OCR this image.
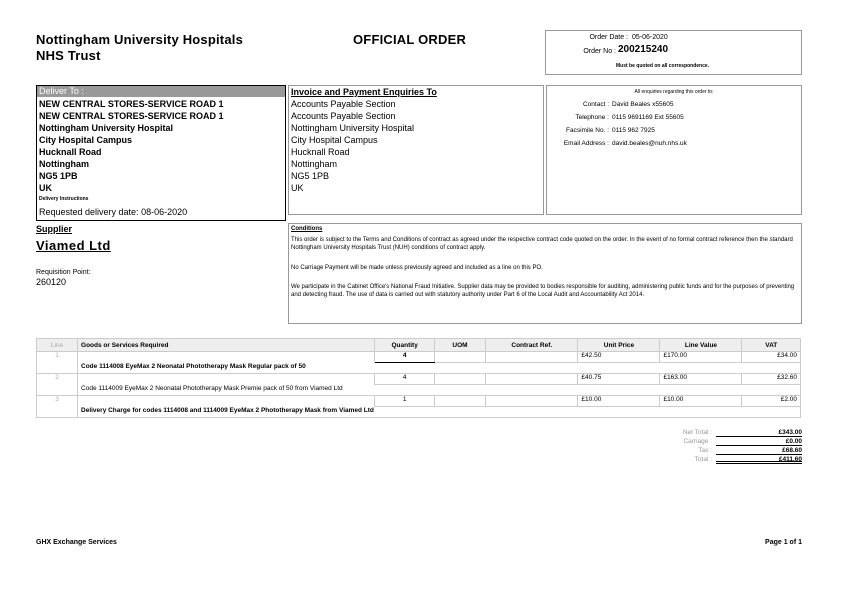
Nottingham University Hospitals
NHS Trust
OFFICIAL ORDER	Order Date : 05-06-2020
Order No : 200215240
Must be quoted on all correspondence.
Deliver To :
NEW CENTRAL STORES-SERVICE ROAD 1
NEW CENTRAL STORES-SERVICE ROAD 1
Nottingham University Hospital
City Hospital Campus
Hucknall Road
Nottingham
NG5 1PB
UK
Delivery Instructions
Requested delivery date: 08-06-2020
Invoice and Payment Enquiries To
Accounts Payable Section
Accounts Payable Section
Nottingham University Hospital
City Hospital Campus
Hucknall Road
Nottingham
NG5 1PB
UK
All enquiries regarding this order to:
Contact : David Beales x55605
Telephone : 0115 9691169 Ext 55605
Facsimile No. : 0115 962 7925
Email Address : david.beales@nuh.nhs.uk
Supplier
Viamed Ltd
Requisition Point:
260120
Conditions
This order is subject to the Terms and Conditions of contract as agreed under the respective contract code quoted on the order. In the event of no formal contract reference then the standard Nottingham University Hospitals Trust (NUH) conditions of contract apply.
No Carriage Payment will be made unless previously agreed and included as a line on this PO.
We participate in the Cabinet Office's National Fraud Initiative. Supplier data may be provided to bodies responsible for auditing, administering public funds and for the purposes of preventing and detecting fraud. The use of data is carried out with statutory authority under Part 6 of the Local Audit and Accountability Act 2014.
Line	Goods or Services Required	Quantity	UOM	Contract Ref.	Unit Price	Line Value	VAT
1		4			£42.50	£170.00	£34.00
	Code 1114008 EyeMax 2 Neonatal Phototherapy Mask Regular pack of 50						
2		4			£40.75	£163.00	£32.60
	Code 1114009 EyeMax 2 Neonatal Phototherapy Mask Premie pack of 50 from Viamed Ltd						
3		1			£10.00	£10.00	£2.00
	Delivery Charge for codes 1114008 and 1114009 EyeMax 2 Phototherapy Mask from Viamed Ltd						
Net Total :	£343.00
Carriage :	£0.00
Tax :	£68.60
Total :	£411.60
GHX Exchange Services	Page 1 of 1
